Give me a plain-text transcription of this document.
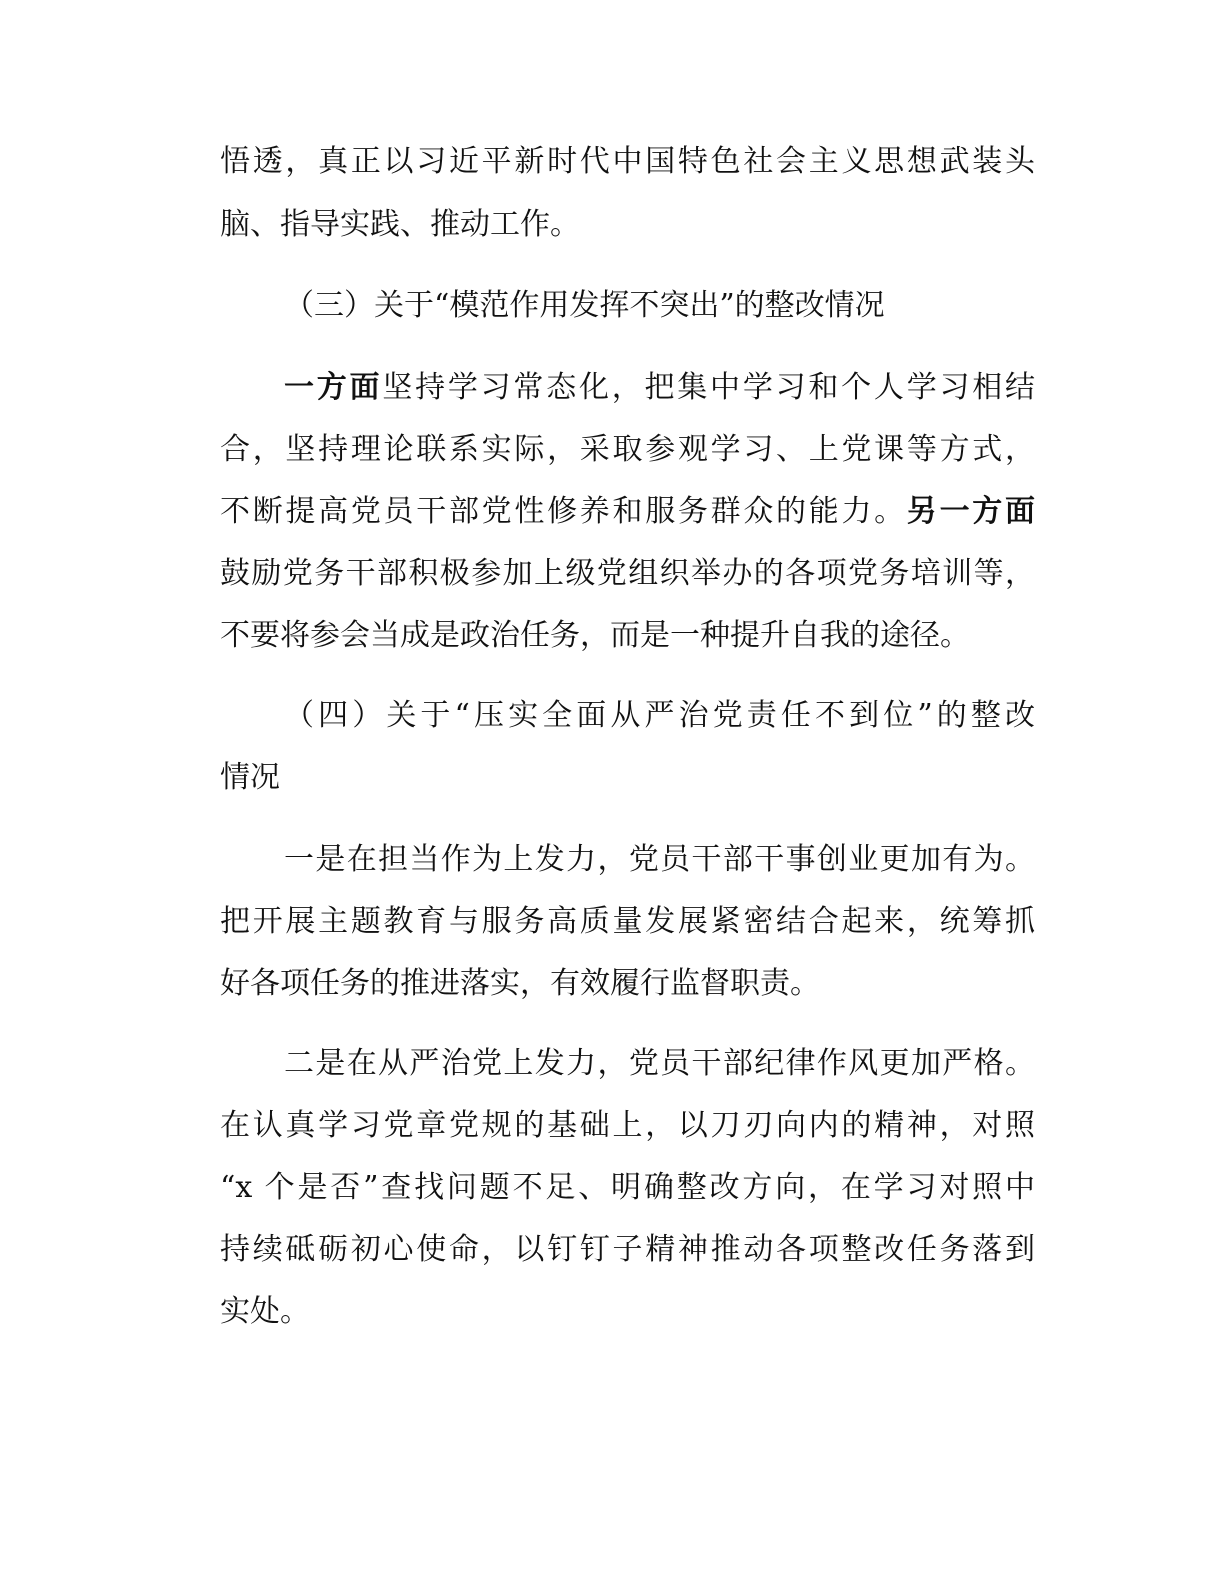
悟透，真正以习近平新时代中国特色社会主义思想武装头
脑、指导实践、推动工作。
（三）关于“模范作用发挥不突出”的整改情况
一方面坚持学习常态化，把集中学习和个人学习相结
合，坚持理论联系实际，采取参观学习、上党课等方式，
不断提高党员干部党性修养和服务群众的能力。另一方面
鼓励党务干部积极参加上级党组织举办的各项党务培训等，
不要将参会当成是政治任务，而是一种提升自我的途径。
（四）关于“压实全面从严治党责任不到位”的整改
情况
一是在担当作为上发力，党员干部干事创业更加有为。
把开展主题教育与服务高质量发展紧密结合起来，统筹抓
好各项任务的推进落实，有效履行监督职责。
二是在从严治党上发力，党员干部纪律作风更加严格。
在认真学习党章党规的基础上，以刀刃向内的精神，对照
“x 个是否”查找问题不足、明确整改方向，在学习对照中
持续砥砺初心使命，以钉钉子精神推动各项整改任务落到
实处。
